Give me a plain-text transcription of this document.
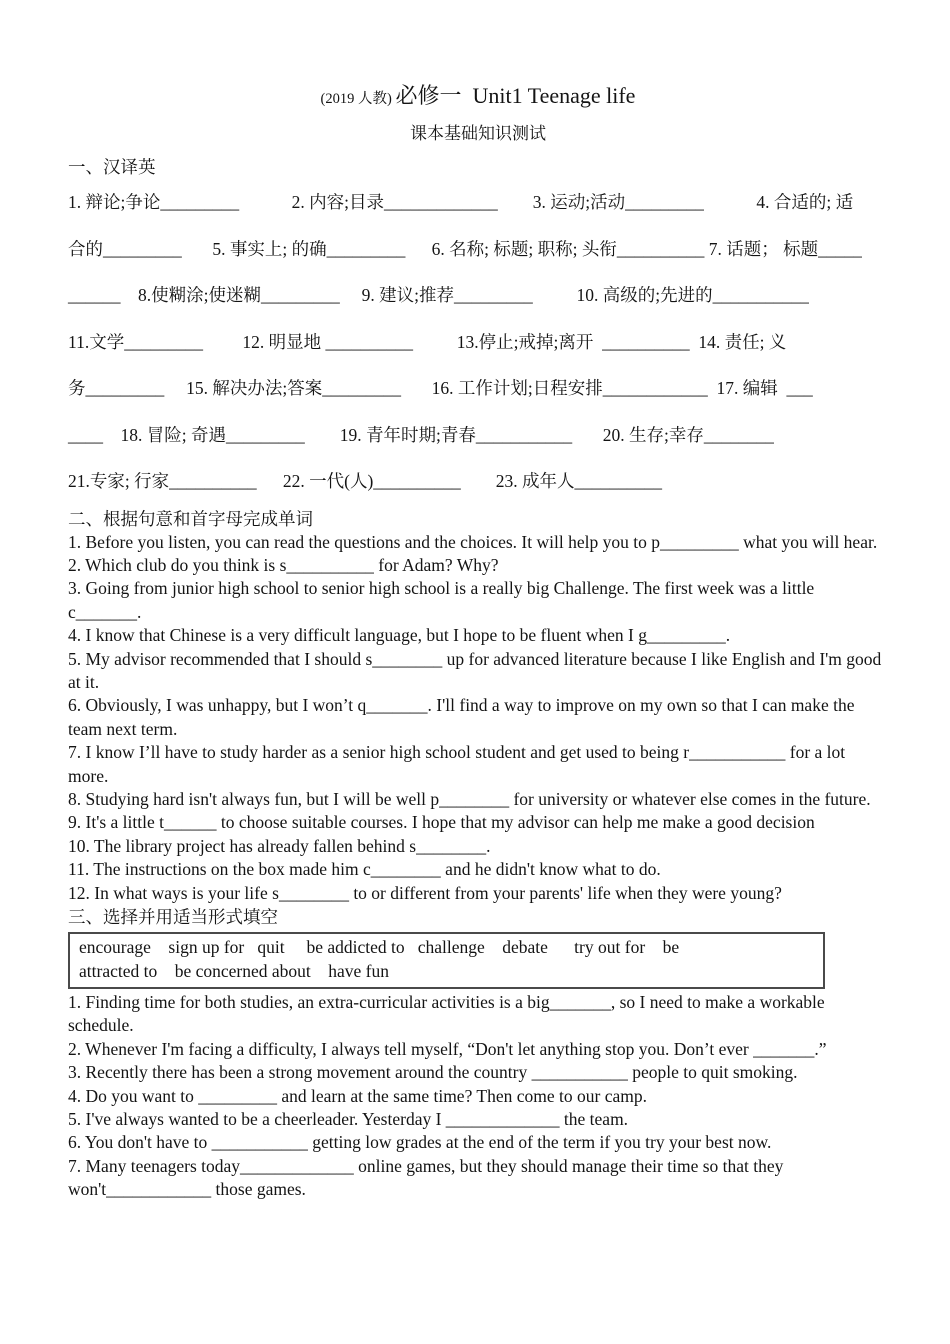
(2019 人教) 必修一  Unit1 Teenage life
课本基础知识测试
一、汉译英
1. 辩论;争论_________            2. 内容;目录_____________        3. 运动;活动_________            4. 合适的; 适
合的_________       5. 事实上; 的确_________      6. 名称; 标题; 职称; 头衔__________ 7. 话题； 标题_____
______    8.使糊涂;使迷糊_________     9. 建议;推荐_________          10. 高级的;先进的___________
11.文学_________         12. 明显地 __________          13.停止;戒掉;离开  __________  14. 责任; 义
务_________     15. 解决办法;答案_________       16. 工作计划;日程安排____________  17. 编辑  ___
____    18. 冒险; 奇遇_________        19. 青年时期;青春___________       20. 生存;幸存________
21.专家; 行家__________      22. 一代(人)__________        23. 成年人__________
二、根据句意和首字母完成单词

1. Before you listen, you can read the questions and the choices. It will help you to p_________ what you will hear.

2. Which club do you think is s__________ for Adam? Why?

3. Going from junior high school to senior high school is a really big Challenge. The first week was a little c_______.

4. I know that Chinese is a very difficult language, but I hope to be fluent when I g_________.

5. My advisor recommended that I should s________ up for advanced literature because I like English and I'm good at it.

6. Obviously, I was unhappy, but I won’t q_______. I'll find a way to improve on my own so that I can make the team next term.

7. I know I’ll have to study harder as a senior high school student and get used to being r___________ for a lot more.

8. Studying hard isn't always fun, but I will be well p________ for university or whatever else comes in the future.

9. It's a little t______ to choose suitable courses. I hope that my advisor can help me make a good decision

10. The library project has already fallen behind s________.

11. The instructions on the box made him c________ and he didn't know what to do.

12. In what ways is your life s________ to or different from your parents' life when they were young?

三、选择并用适当形式填空
encourage    sign up for   quit     be addicted to   challenge    debate      try out for    be
attracted to    be concerned about    have fun

1. Finding time for both studies, an extra-curricular activities is a big_______, so I need to make a workable schedule.

2. Whenever I'm facing a difficulty, I always tell myself, “Don't let anything stop you. Don’t ever _______.”

3. Recently there has been a strong movement around the country ___________ people to quit smoking.

4. Do you want to _________ and learn at the same time? Then come to our camp.

5. I've always wanted to be a cheerleader. Yesterday I _____________ the team.

6. You don't have to ___________ getting low grades at the end of the term if you try your best now.

7. Many teenagers today_____________ online games, but they should manage their time so that they won't____________ those games.
